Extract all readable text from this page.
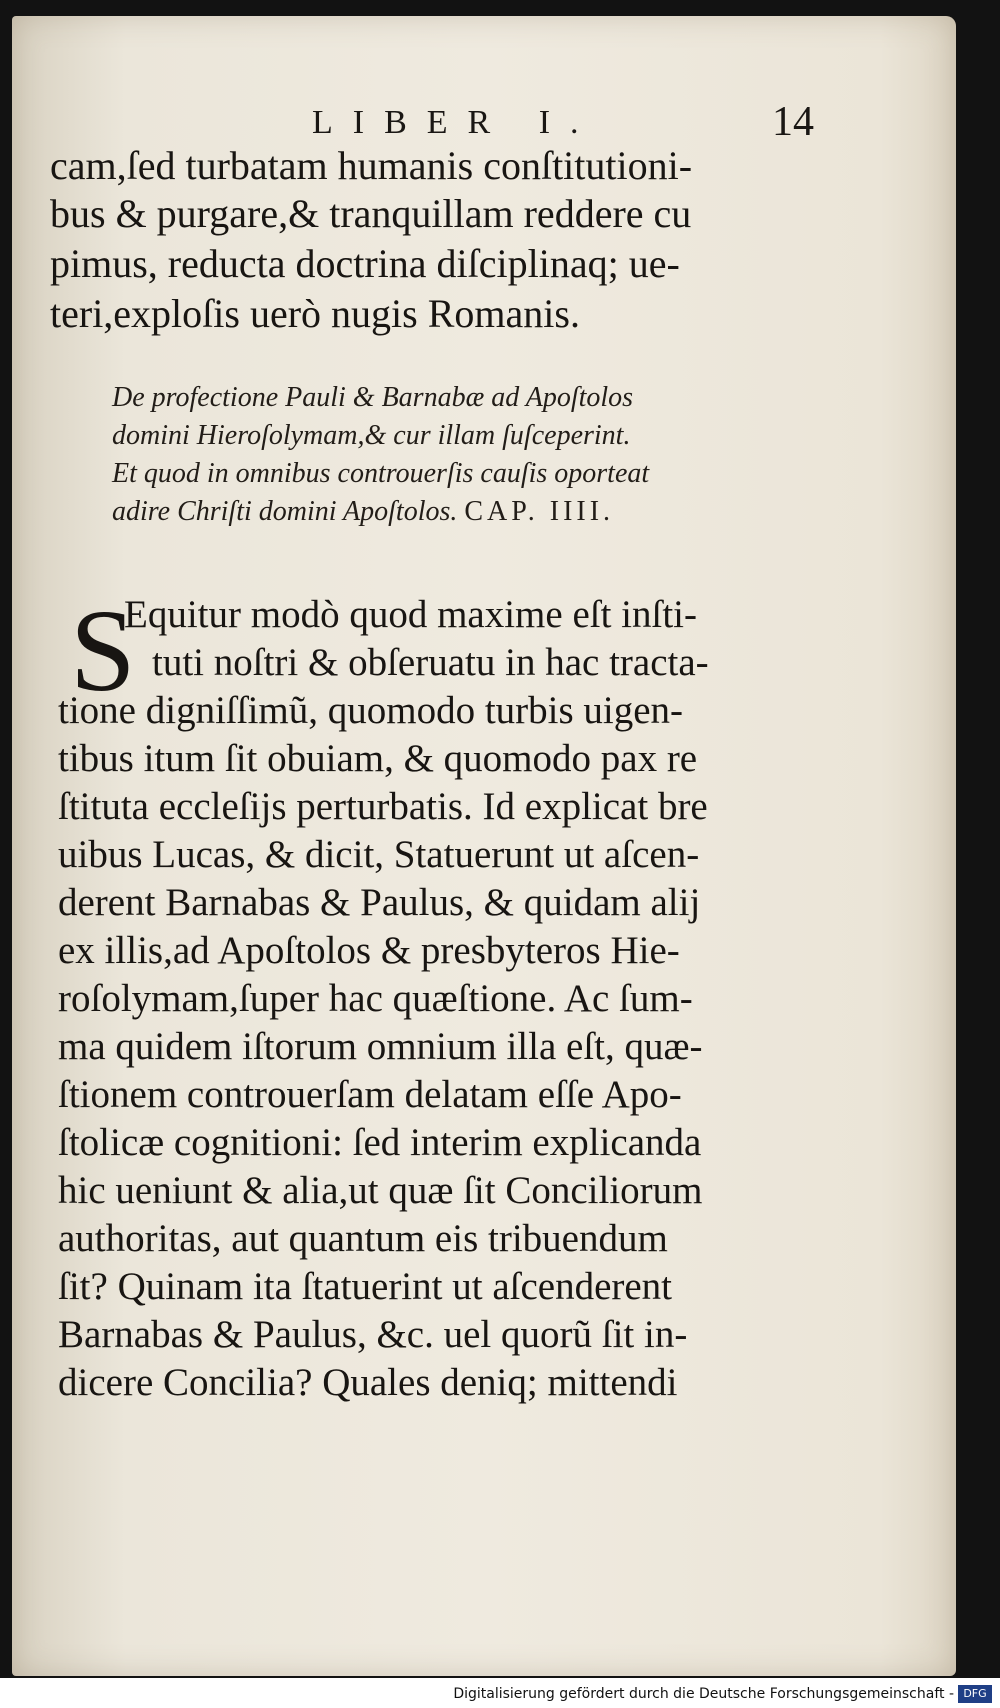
LIBER I.	14
cam,ſed turbatam humanis conſtitutioni-
bus & purgare,& tranquillam reddere cu
pimus, reducta doctrina diſciplinaq; ue-
teri,exploſis uerò nugis Romanis.
De profectione Pauli & Barnabæ ad Apoſtolos
domini Hieroſolymam,& cur illam ſuſceperint.
Et quod in omnibus controuerſis cauſis oporteat
adire Chriſti domini Apoſtolos. CAP. IIII.
S
Equitur modò quod maxime eſt inſti-
tuti noſtri & obſeruatu in hac tracta-
tione digniſſimũ, quomodo turbis uigen-
tibus itum ſit obuiam, & quomodo pax re
ſtituta eccleſijs perturbatis. Id explicat bre
uibus Lucas, & dicit, Statuerunt ut aſcen-
derent Barnabas & Paulus, & quidam alij
ex illis,ad Apoſtolos & presbyteros Hie-
roſolymam,ſuper hac quæſtione. Ac ſum-
ma quidem iſtorum omnium illa eſt, quæ-
ſtionem controuerſam delatam eſſe Apo-
ſtolicæ cognitioni: ſed interim explicanda
hic ueniunt & alia,ut quæ ſit Conciliorum
authoritas, aut quantum eis tribuendum
ſit? Quinam ita ſtatuerint ut aſcenderent
Barnabas & Paulus, &c. uel quorũ ſit in-
dicere Concilia? Quales deniq; mittendi
Digitalisierung gefördert durch die Deutsche Forschungsgemeinschaft - DFG
